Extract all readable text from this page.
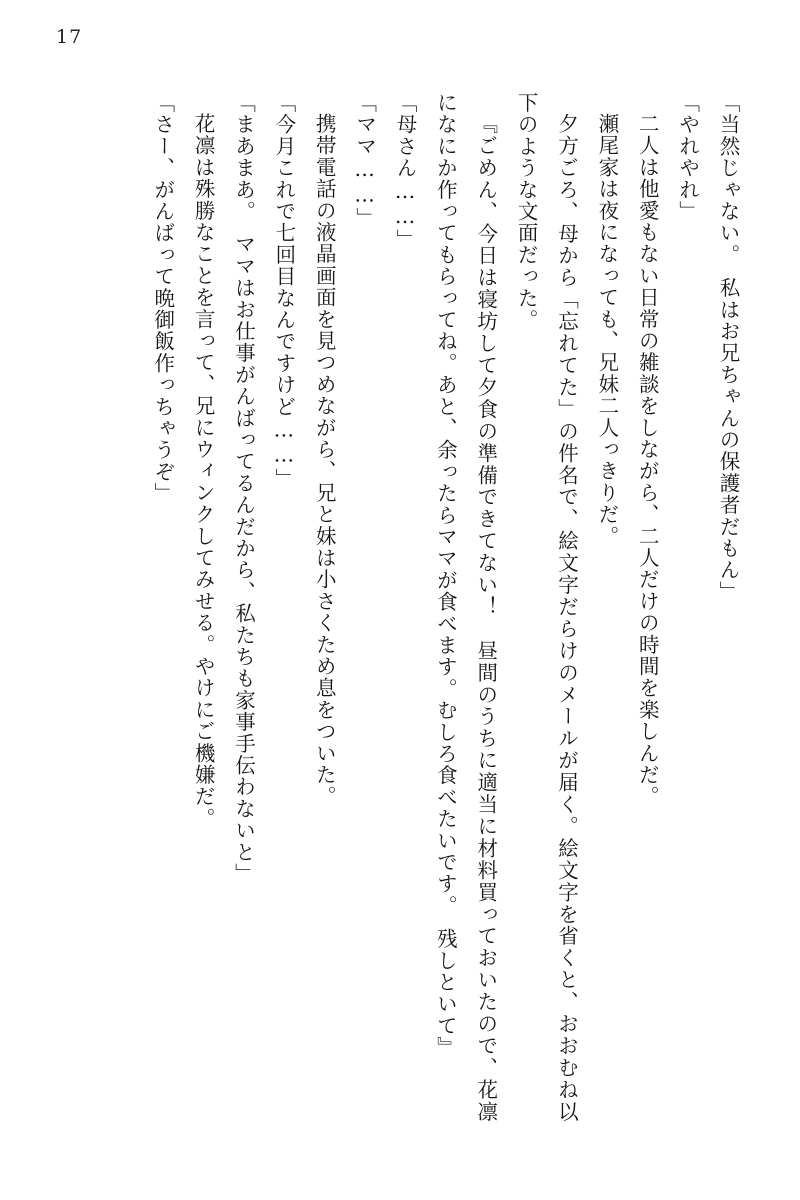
17

「当然じゃない。　私はお兄ちゃんの保護者だもん」

「やれやれ」

二人は他愛もない日常の雑談をしながら、二人だけの時間を楽しんだ。

瀬尾家は夜になっても、兄妹二人っきりだ。

夕方ごろ、母から「忘れてた」の件名で、絵文字だらけのメールが届く。絵文字を省くと、おおむね以下のような文面だった。

『ごめん、今日は寝坊して夕食の準備できてない！　昼間のうちに適当に材料買っておいたので、花凛になにか作ってもらってね。あと、余ったらママが食べます。むしろ食べたいです。　残しといて』

「母さん……」

「ママ……」

携帯電話の液晶画面を見つめながら、兄と妹は小さくため息をついた。

「今月これで七回目なんですけど……」

「まあまあ。　ママはお仕事がんばってるんだから、私たちも家事手伝わないと」

花凛は殊勝なことを言って、兄にウィンクしてみせる。やけにご機嫌だ。

「さー、がんばって晩御飯作っちゃうぞ」
